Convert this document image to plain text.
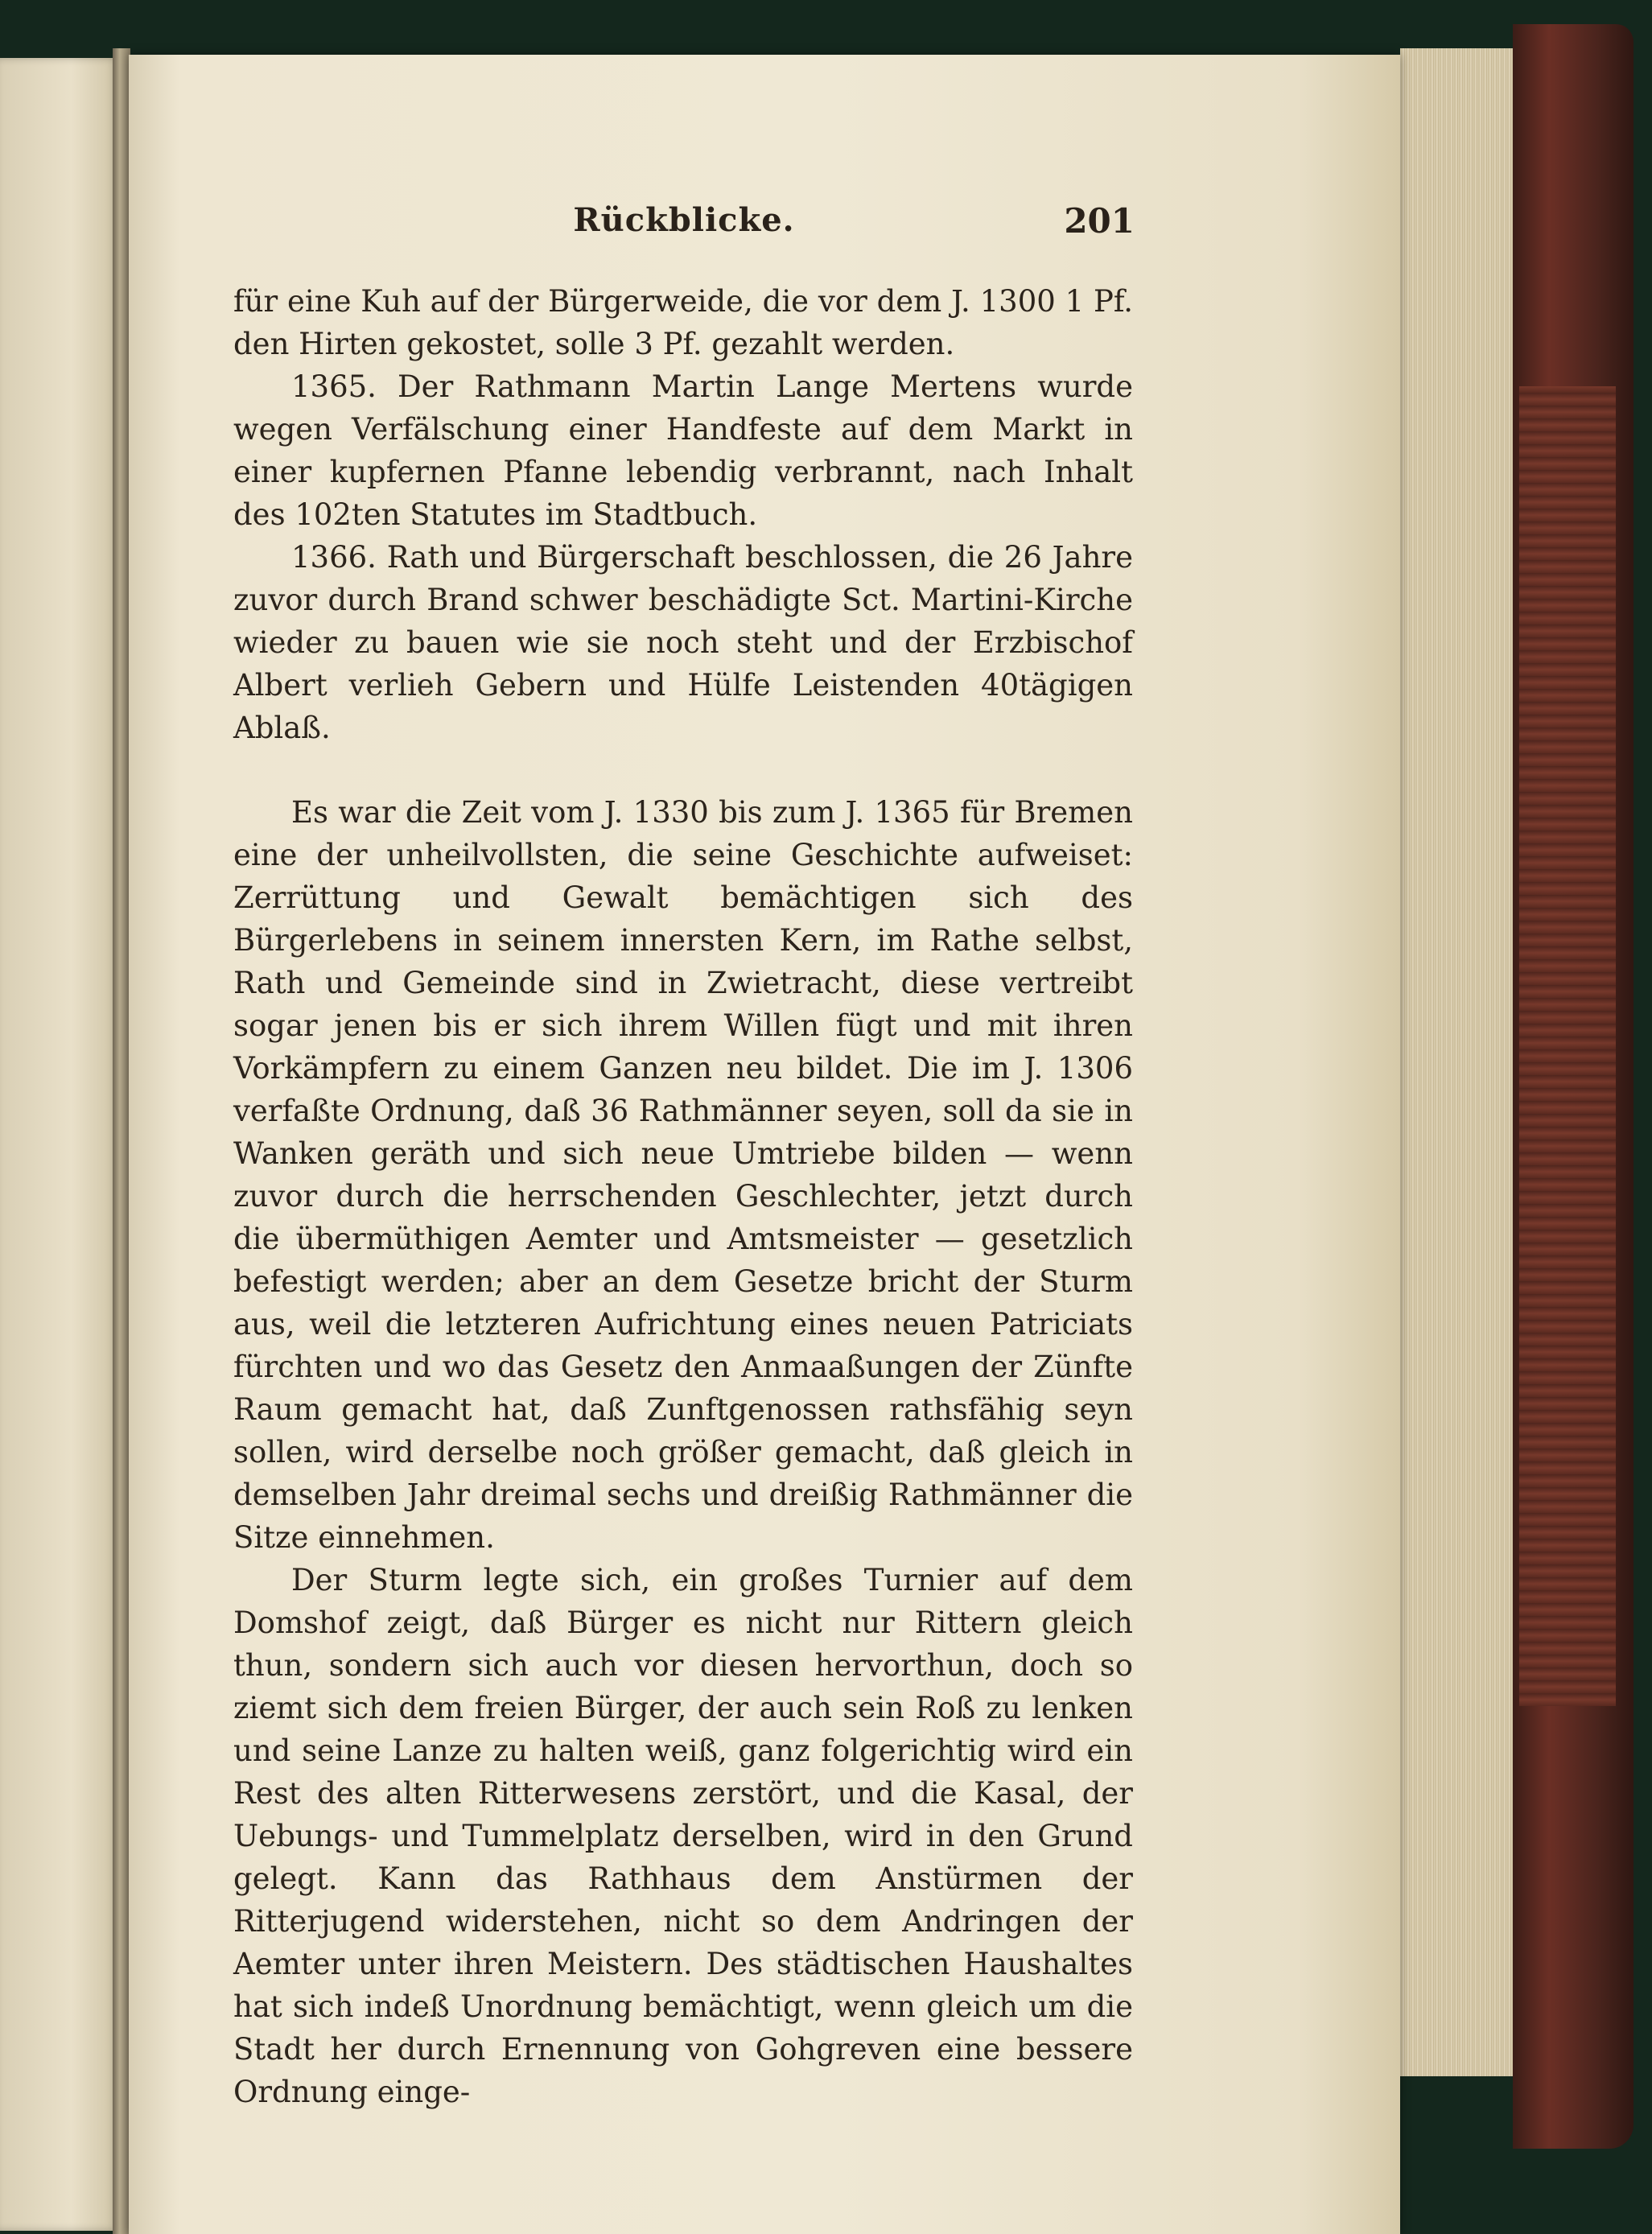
Rückblicke.	201

für eine Kuh auf der Bürgerweide, die vor dem J. 1300 1 Pf. den Hirten gekostet, solle 3 Pf. gezahlt werden.

1365. Der Rathmann Martin Lange Mertens wurde wegen Verfälschung einer Handfeste auf dem Markt in einer kupfernen Pfanne lebendig verbrannt, nach Inhalt des 102ten Statutes im Stadtbuch.

1366. Rath und Bürgerschaft beschlossen, die 26 Jahre zuvor durch Brand schwer beschädigte Sct. Martini-Kirche wieder zu bauen wie sie noch steht und der Erzbischof Albert verlieh Gebern und Hülfe Leistenden 40tägigen Ablaß.

Es war die Zeit vom J. 1330 bis zum J. 1365 für Bremen eine der unheilvollsten, die seine Geschichte aufweiset: Zerrüttung und Gewalt bemächtigen sich des Bürgerlebens in seinem innersten Kern, im Rathe selbst, Rath und Gemeinde sind in Zwietracht, diese vertreibt sogar jenen bis er sich ihrem Willen fügt und mit ihren Vorkämpfern zu einem Ganzen neu bildet. Die im J. 1306 verfaßte Ordnung, daß 36 Rathmänner seyen, soll da sie in Wanken geräth und sich neue Umtriebe bilden — wenn zuvor durch die herrschenden Geschlechter, jetzt durch die übermüthigen Aemter und Amtsmeister — gesetzlich befestigt werden; aber an dem Gesetze bricht der Sturm aus, weil die letzteren Aufrichtung eines neuen Patriciats fürchten und wo das Gesetz den Anmaaßungen der Zünfte Raum gemacht hat, daß Zunftgenossen rathsfähig seyn sollen, wird derselbe noch größer gemacht, daß gleich in demselben Jahr dreimal sechs und dreißig Rathmänner die Sitze einnehmen.

Der Sturm legte sich, ein großes Turnier auf dem Domshof zeigt, daß Bürger es nicht nur Rittern gleich thun, sondern sich auch vor diesen hervorthun, doch so ziemt sich dem freien Bürger, der auch sein Roß zu lenken und seine Lanze zu halten weiß, ganz folgerichtig wird ein Rest des alten Ritterwesens zerstört, und die Kasal, der Uebungs- und Tummelplatz derselben, wird in den Grund gelegt. Kann das Rathhaus dem Anstürmen der Ritterjugend widerstehen, nicht so dem Andringen der Aemter unter ihren Meistern. Des städtischen Haushaltes hat sich indeß Unordnung bemächtigt, wenn gleich um die Stadt her durch Ernennung von Gohgreven eine bessere Ordnung einge-
